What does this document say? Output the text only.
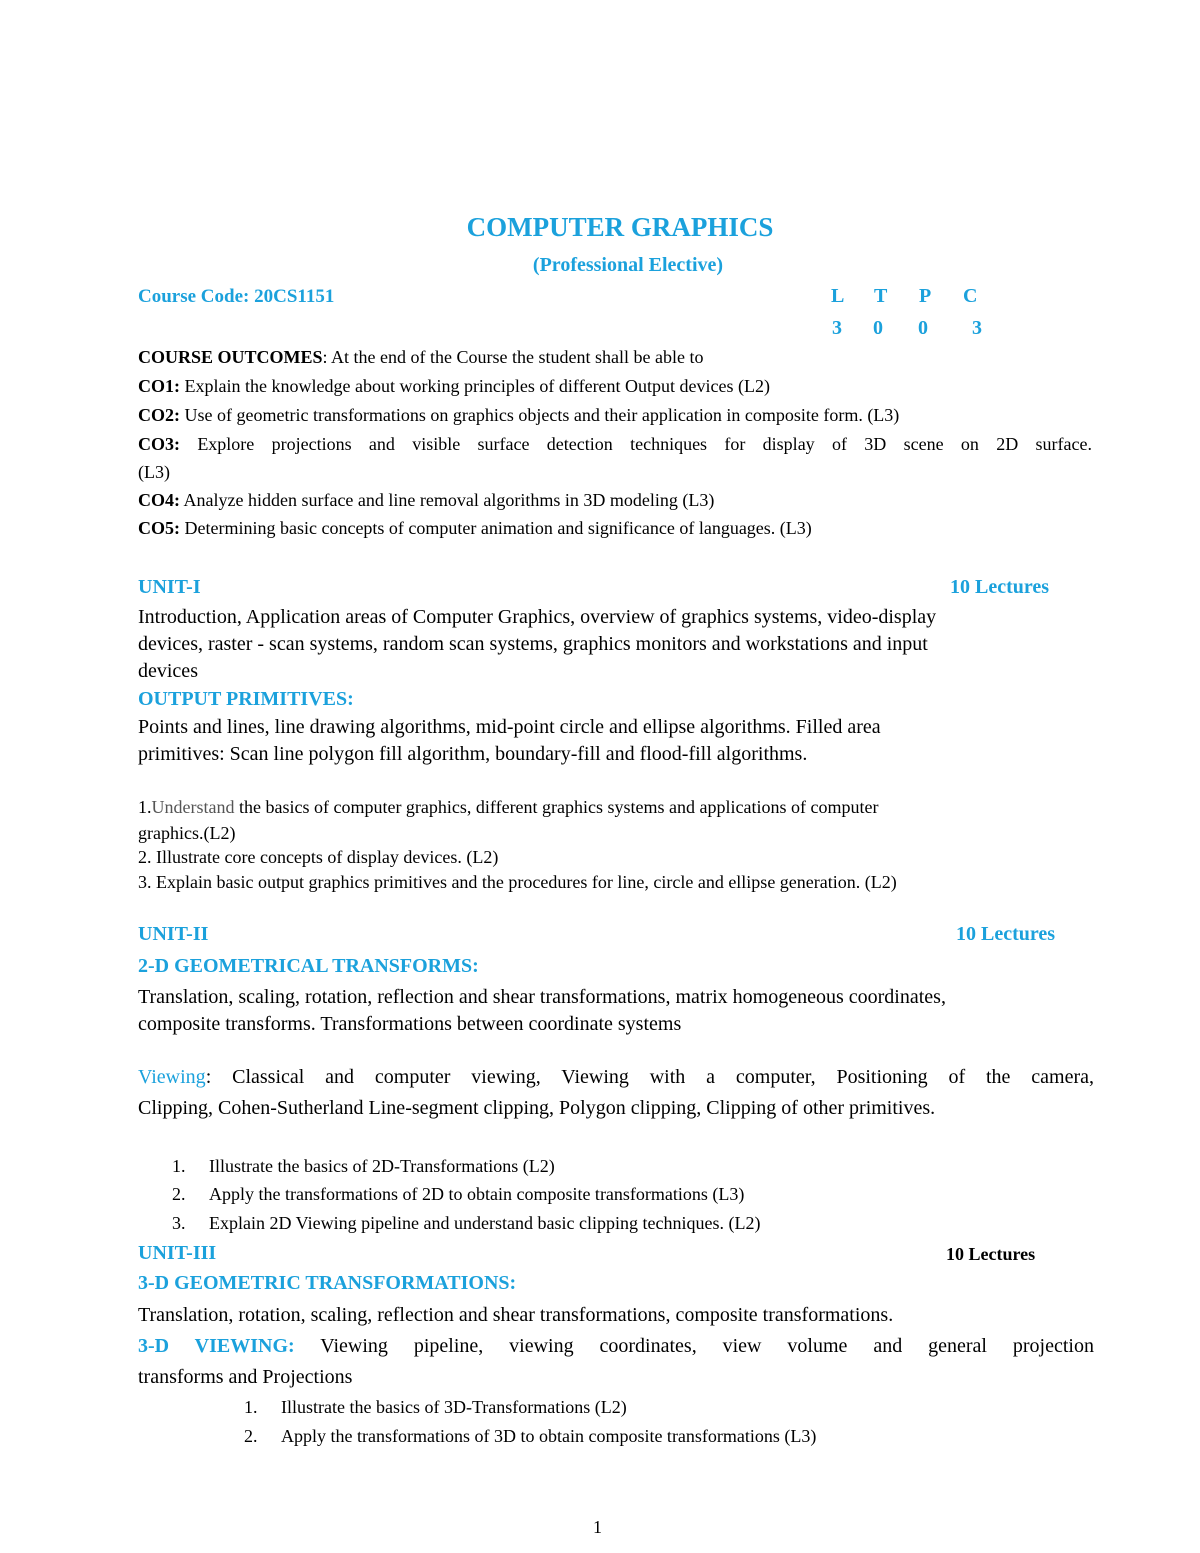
COMPUTER GRAPHICS
(Professional Elective)
Course Code: 20CS1151	L T P C
3 0 0 3
COURSE OUTCOMES: At the end of the Course the student shall be able to
CO1: Explain the knowledge about working principles of different Output devices (L2)
CO2: Use of geometric transformations on graphics objects and their application in composite form. (L3)
CO3: Explore projections and visible surface detection techniques for display of 3D scene on 2D surface.
(L3)
CO4: Analyze hidden surface and line removal algorithms in 3D modeling (L3)
CO5: Determining basic concepts of computer animation and significance of languages. (L3)
UNIT-I	10 Lectures
Introduction, Application areas of Computer Graphics, overview of graphics systems, video-display
devices, raster - scan systems, random scan systems, graphics monitors and workstations and input
devices
OUTPUT PRIMITIVES:
Points and lines, line drawing algorithms, mid-point circle and ellipse algorithms. Filled area
primitives: Scan line polygon fill algorithm, boundary-fill and flood-fill algorithms.
1.Understand the basics of computer graphics, different graphics systems and applications of computer
graphics.(L2)
2. Illustrate core concepts of display devices. (L2)
3. Explain basic output graphics primitives and the procedures for line, circle and ellipse generation. (L2)
UNIT-II	10 Lectures
2-D GEOMETRICAL TRANSFORMS:
Translation, scaling, rotation, reflection and shear transformations, matrix homogeneous coordinates,
composite transforms. Transformations between coordinate systems
Viewing: Classical and computer viewing, Viewing with a computer, Positioning of the camera,
Clipping, Cohen-Sutherland Line-segment clipping, Polygon clipping, Clipping of other primitives.
1. Illustrate the basics of 2D-Transformations (L2)
2. Apply the transformations of 2D to obtain composite transformations (L3)
3. Explain 2D Viewing pipeline and understand basic clipping techniques. (L2)
UNIT-III	10 Lectures
3-D GEOMETRIC TRANSFORMATIONS:
Translation, rotation, scaling, reflection and shear transformations, composite transformations.
3-D VIEWING: Viewing pipeline, viewing coordinates, view volume and general projection
transforms and Projections
1. Illustrate the basics of 3D-Transformations (L2)
2. Apply the transformations of 3D to obtain composite transformations (L3)
1
